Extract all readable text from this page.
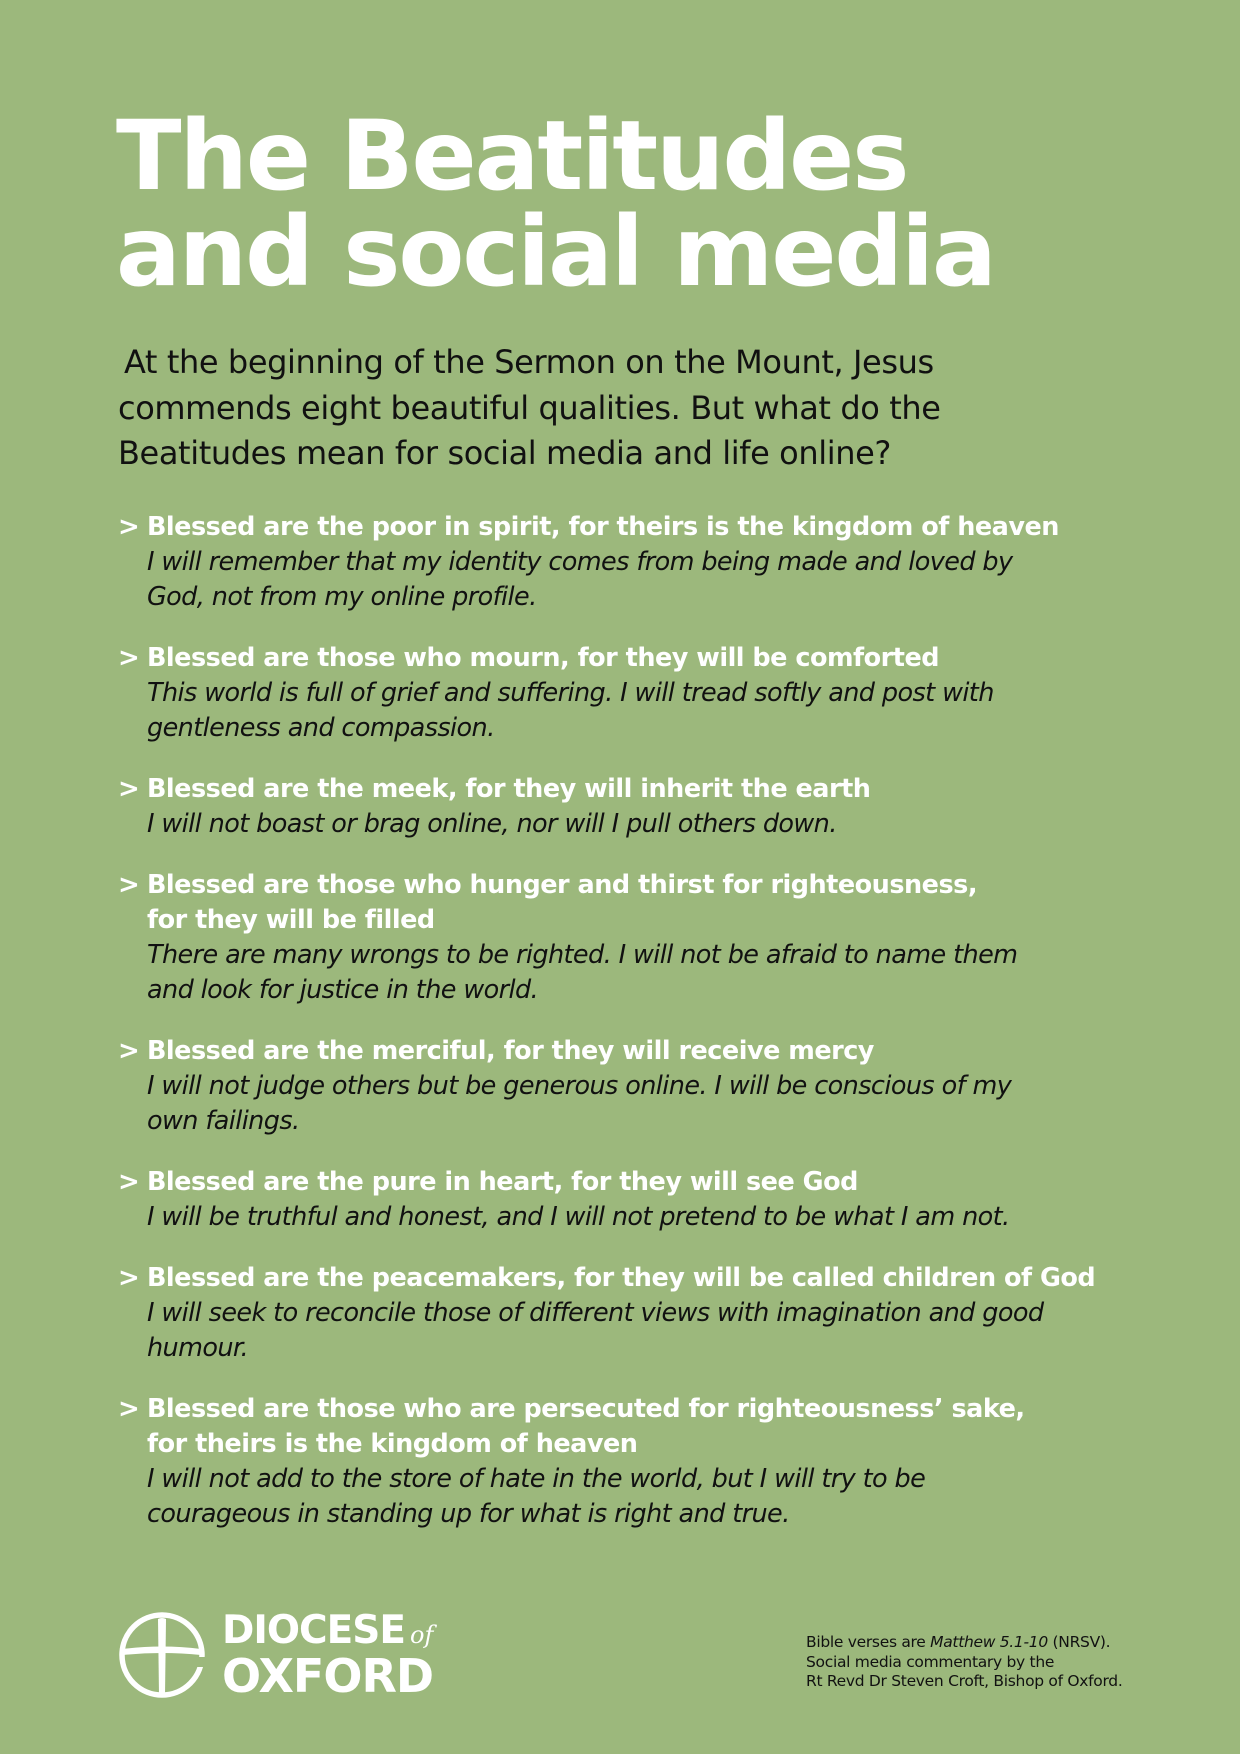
The Beatitudes
and social media

At the beginning of the Sermon on the Mount, Jesus
commends eight beautiful qualities. But what do the
Beatitudes mean for social media and life online?

> Blessed are the poor in spirit, for theirs is the kingdom of heaven
I will remember that my identity comes from being made and loved by
God, not from my online profile.
> Blessed are those who mourn, for they will be comforted
This world is full of grief and suffering. I will tread softly and post with
gentleness and compassion.
> Blessed are the meek, for they will inherit the earth
I will not boast or brag online, nor will I pull others down.
> Blessed are those who hunger and thirst for righteousness,
for they will be filled
There are many wrongs to be righted. I will not be afraid to name them
and look for justice in the world.
> Blessed are the merciful, for they will receive mercy
I will not judge others but be generous online. I will be conscious of my
own failings.
> Blessed are the pure in heart, for they will see God
I will be truthful and honest, and I will not pretend to be what I am not.
> Blessed are the peacemakers, for they will be called children of God
I will seek to reconcile those of different views with imagination and good
humour.
> Blessed are those who are persecuted for righteousness’ sake,
for theirs is the kingdom of heaven
I will not add to the store of hate in the world, but I will try to be
courageous in standing up for what is right and true.
DIOCESE of
OXFORD
Bible verses are Matthew 5.1-10 (NRSV).
Social media commentary by the
Rt Revd Dr Steven Croft, Bishop of Oxford.
